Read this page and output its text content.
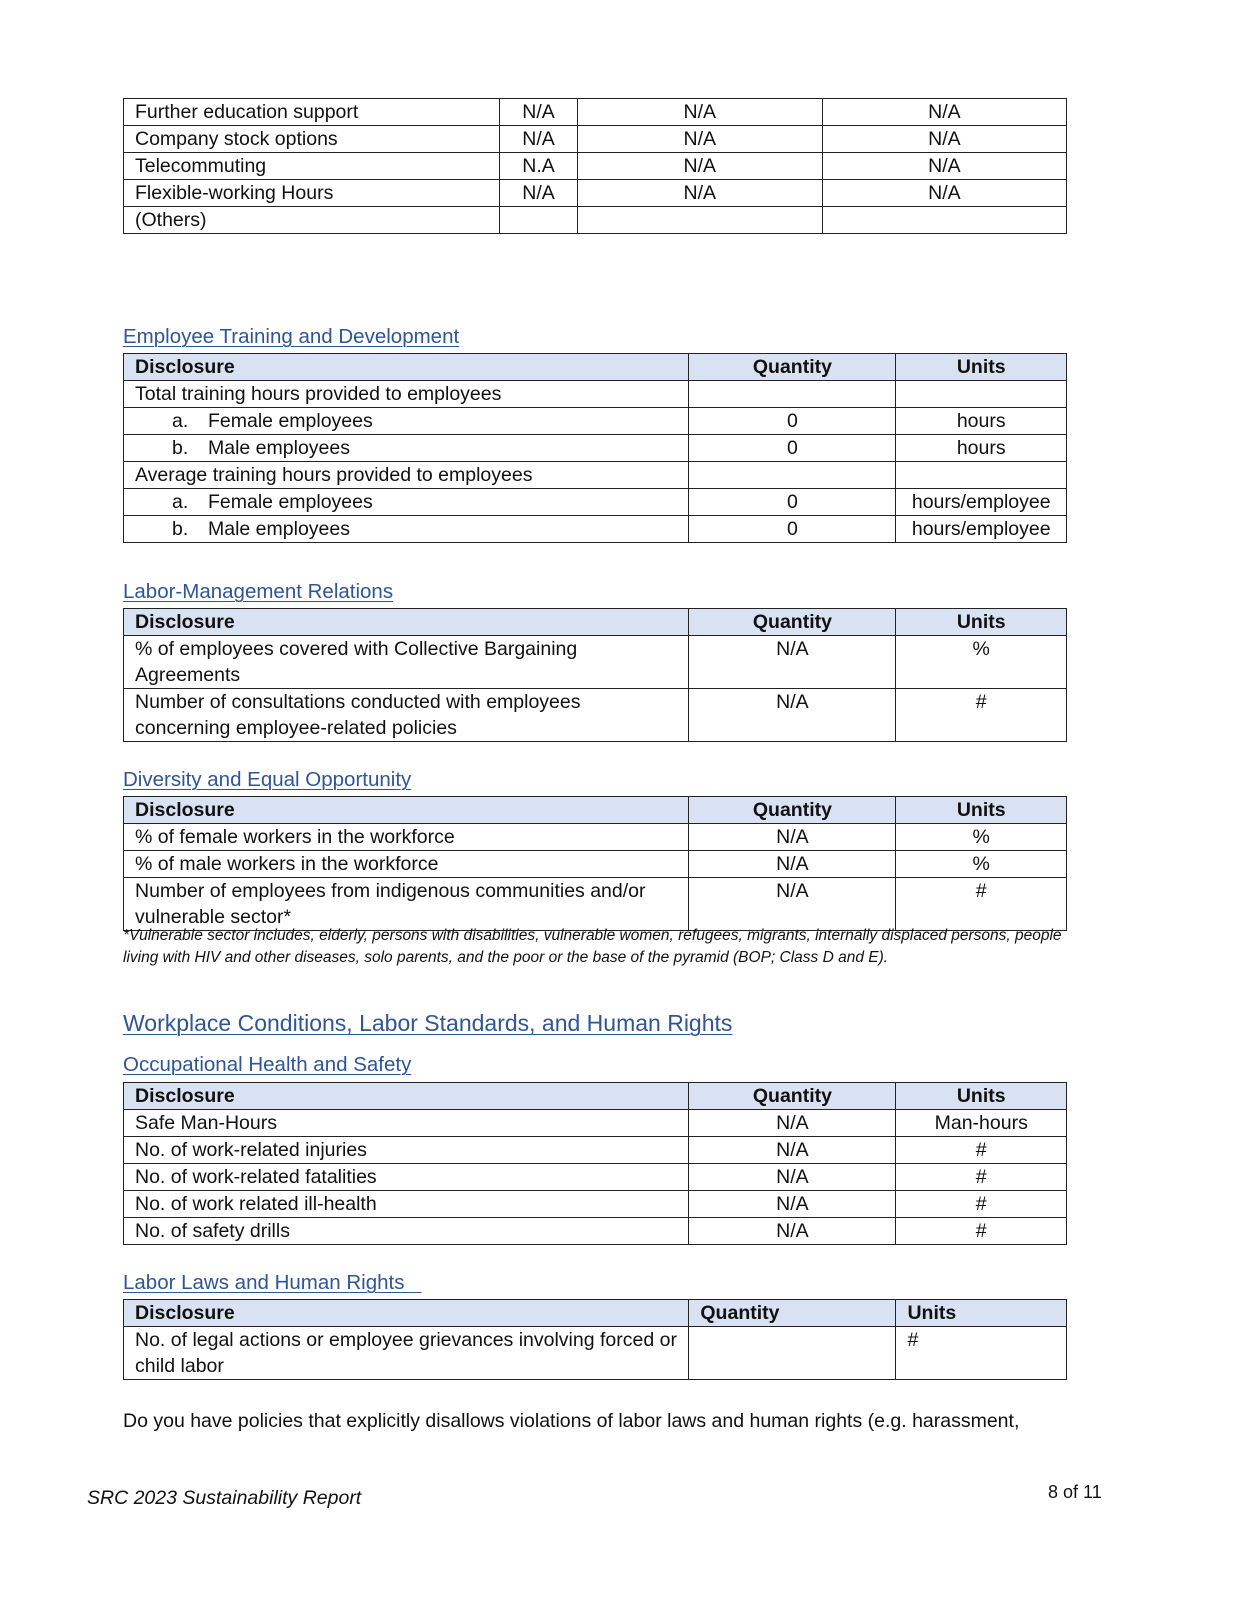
Further education support	N/A	N/A	N/A
Company stock options	N/A	N/A	N/A
Telecommuting	N.A	N/A	N/A
Flexible-working Hours	N/A	N/A	N/A
(Others)			
Employee Training and Development
Disclosure	Quantity	Units
Total training hours provided to employees		
a. Female employees	0	hours
b. Male employees	0	hours
Average training hours provided to employees		
a. Female employees	0	hours/employee
b. Male employees	0	hours/employee
Labor-Management Relations
Disclosure	Quantity	Units
% of employees covered with Collective Bargaining Agreements	N/A	%
Number of consultations conducted with employees concerning employee-related policies	N/A	#
Diversity and Equal Opportunity
Disclosure	Quantity	Units
% of female workers in the workforce	N/A	%
% of male workers in the workforce	N/A	%
Number of employees from indigenous communities and/or vulnerable sector*	N/A	#
*Vulnerable sector includes, elderly, persons with disabilities, vulnerable women, refugees, migrants, internally displaced persons, people living with HIV and other diseases, solo parents, and the poor or the base of the pyramid (BOP; Class D and E).
Workplace Conditions, Labor Standards, and Human Rights
Occupational Health and Safety
Disclosure	Quantity	Units
Safe Man-Hours	N/A	Man-hours
No. of work-related injuries	N/A	#
No. of work-related fatalities	N/A	#
No. of work related ill-health	N/A	#
No. of safety drills	N/A	#
Labor Laws and Human Rights
Disclosure	Quantity	Units
No. of legal actions or employee grievances involving forced or child labor		#
Do you have policies that explicitly disallows violations of labor laws and human rights (e.g. harassment,
SRC 2023 Sustainability Report	8 of 11
